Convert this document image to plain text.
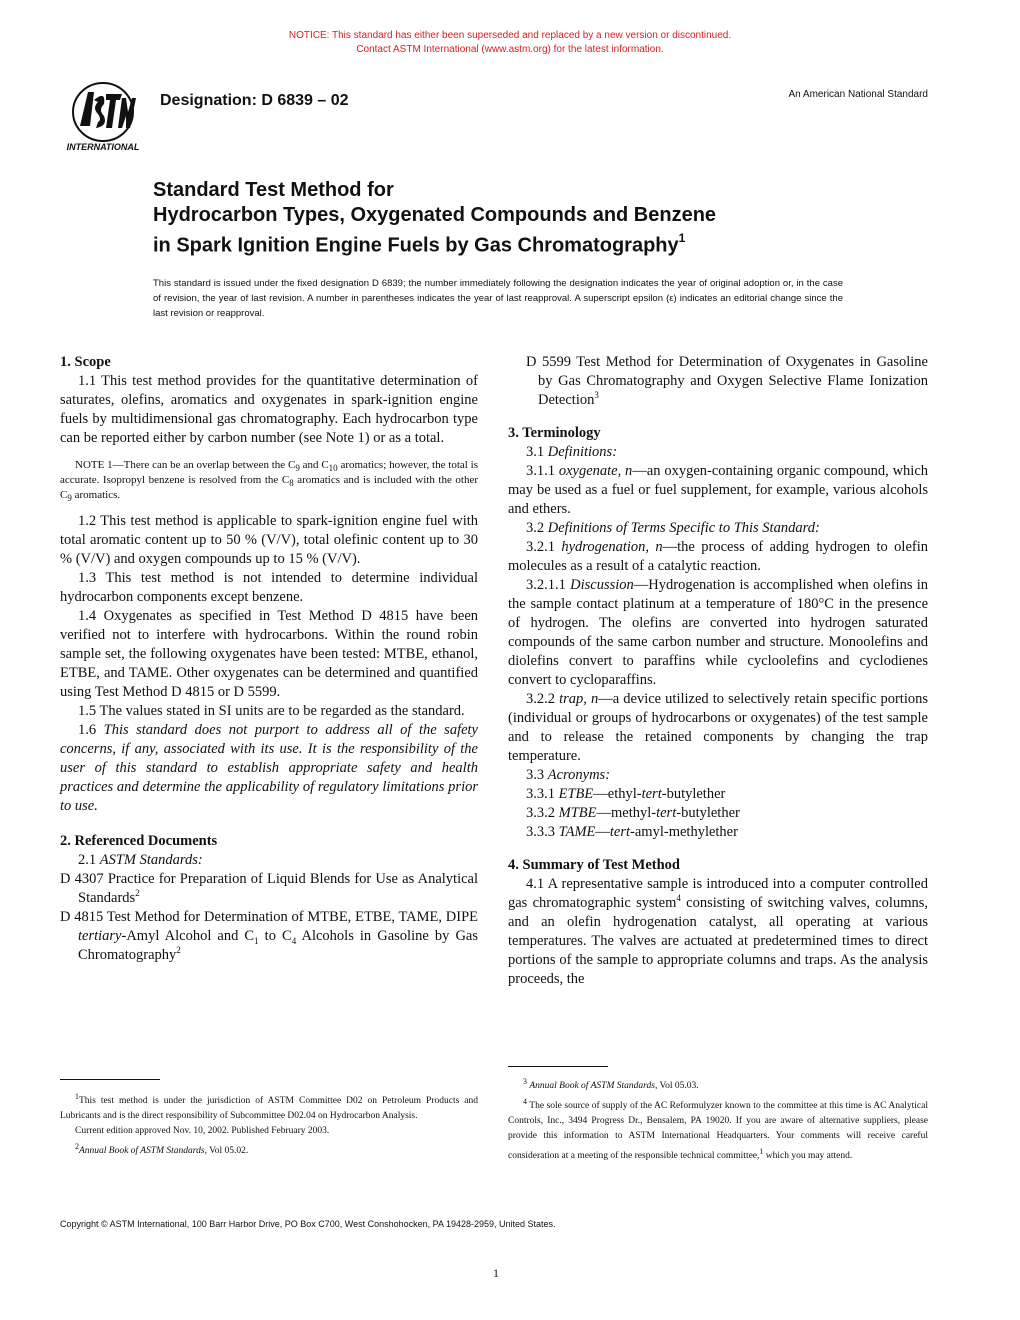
NOTICE: This standard has either been superseded and replaced by a new version or discontinued.
Contact ASTM International (www.astm.org) for the latest information.
INTERNATIONAL
Designation: D 6839 – 02	An American National Standard
Standard Test Method for
Hydrocarbon Types, Oxygenated Compounds and Benzene
in Spark Ignition Engine Fuels by Gas Chromatography$^1$
This standard is issued under the fixed designation D 6839; the number immediately following the designation indicates the year of original adoption or, in the case of revision, the year of last revision. A number in parentheses indicates the year of last reapproval. A superscript epsilon (ε) indicates an editorial change since the last revision or reapproval.

1. Scope

1.1 This test method provides for the quantitative determination of saturates, olefins, aromatics and oxygenates in spark-ignition engine fuels by multidimensional gas chromatography. Each hydrocarbon type can be reported either by carbon number (see Note 1) or as a total.

NOTE 1—There can be an overlap between the $C_9$ and $C_{10}$ aromatics; however, the total is accurate. Isopropyl benzene is resolved from the $C_8$ aromatics and is included with the other $C_9$ aromatics.

1.2 This test method is applicable to spark-ignition engine fuel with total aromatic content up to 50 % (V/V), total olefinic content up to 30 % (V/V) and oxygen compounds up to 15 % (V/V).

1.3 This test method is not intended to determine individual hydrocarbon components except benzene.

1.4 Oxygenates as specified in Test Method D 4815 have been verified not to interfere with hydrocarbons. Within the round robin sample set, the following oxygenates have been tested: MTBE, ethanol, ETBE, and TAME. Other oxygenates can be determined and quantified using Test Method D 4815 or D 5599.

1.5 The values stated in SI units are to be regarded as the standard.

1.6 This standard does not purport to address all of the safety concerns, if any, associated with its use. It is the responsibility of the user of this standard to establish appropriate safety and health practices and determine the applicability of regulatory limitations prior to use.

2. Referenced Documents

2.1 ASTM Standards:

D 4307 Practice for Preparation of Liquid Blends for Use as Analytical Standards$^2$

D 4815 Test Method for Determination of MTBE, ETBE, TAME, DIPE tertiary-Amyl Alcohol and $C_1$ to $C_4$ Alcohols in Gasoline by Gas Chromatography$^2$

$^1$This test method is under the jurisdiction of ASTM Committee D02 on Petroleum Products and Lubricants and is the direct responsibility of Subcommittee D02.04 on Hydrocarbon Analysis.

Current edition approved Nov. 10, 2002. Published February 2003.

$^2$Annual Book of ASTM Standards, Vol 05.02.

D 5599 Test Method for Determination of Oxygenates in Gasoline by Gas Chromatography and Oxygen Selective Flame Ionization Detection$^3$

3. Terminology

3.1 Definitions:

3.1.1 oxygenate, n—an oxygen-containing organic compound, which may be used as a fuel or fuel supplement, for example, various alcohols and ethers.

3.2 Definitions of Terms Specific to This Standard:

3.2.1 hydrogenation, n—the process of adding hydrogen to olefin molecules as a result of a catalytic reaction.

3.2.1.1 Discussion—Hydrogenation is accomplished when olefins in the sample contact platinum at a temperature of 180°C in the presence of hydrogen. The olefins are converted into hydrogen saturated compounds of the same carbon number and structure. Monoolefins and diolefins convert to paraffins while cycloolefins and cyclodienes convert to cycloparaffins.

3.2.2 trap, n—a device utilized to selectively retain specific portions (individual or groups of hydrocarbons or oxygenates) of the test sample and to release the retained components by changing the trap temperature.

3.3 Acronyms:

3.3.1 ETBE—ethyl-tert-butylether

3.3.2 MTBE—methyl-tert-butylether

3.3.3 TAME—tert-amyl-methylether

4. Summary of Test Method

4.1 A representative sample is introduced into a computer controlled gas chromatographic system$^4$ consisting of switching valves, columns, and an olefin hydrogenation catalyst, all operating at various temperatures. The valves are actuated at predetermined times to direct portions of the sample to appropriate columns and traps. As the analysis proceeds, the

$^3$ Annual Book of ASTM Standards, Vol 05.03.

$^4$ The sole source of supply of the AC Reformulyzer known to the committee at this time is AC Analytical Controls, Inc., 3494 Progress Dr., Bensalem, PA 19020. If you are aware of alternative suppliers, please provide this information to ASTM International Headquarters. Your comments will receive careful consideration at a meeting of the responsible technical committee,$^1$ which you may attend.

Copyright © ASTM International, 100 Barr Harbor Drive, PO Box C700, West Conshohocken, PA 19428-2959, United States.
1
